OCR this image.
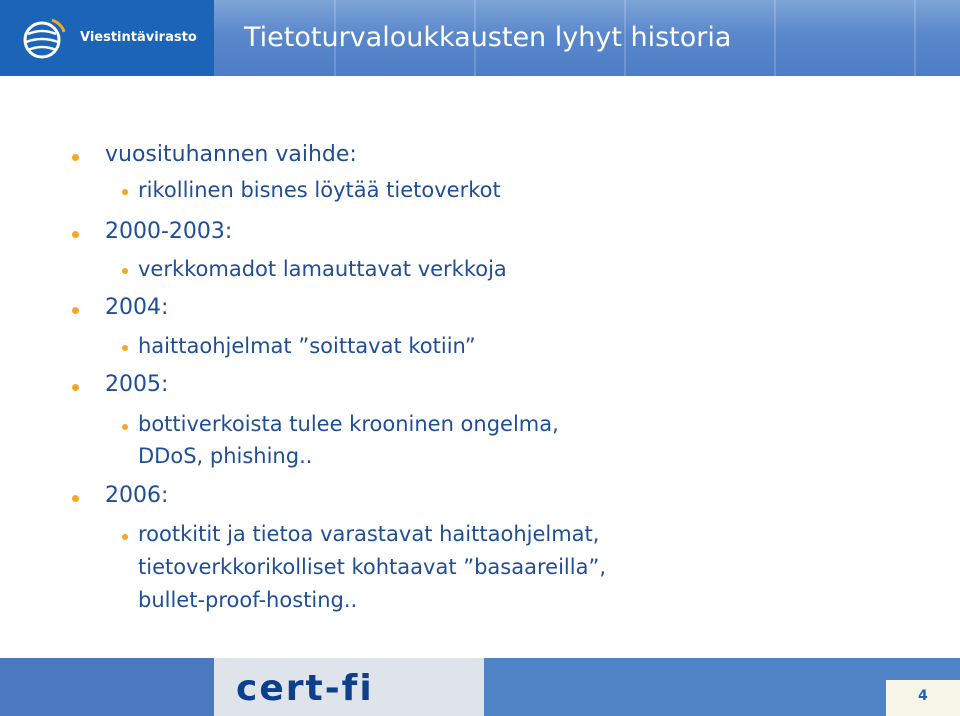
Viestintävirasto Tietoturvaloukkausten lyhyt historia
vuosituhannen vaihde:
rikollinen bisnes löytää tietoverkot
2000-2003:
verkkomadot lamauttavat verkkoja
2004:
haittaohjelmat ”soittavat kotiin”
2005:
bottiverkoista tulee krooninen ongelma,
DDoS, phishing..
2006:
rootkitit ja tietoa varastavat haittaohjelmat,
tietoverkkorikolliset kohtaavat ”basaareilla”,
bullet-proof-hosting..
cert-fi	4
